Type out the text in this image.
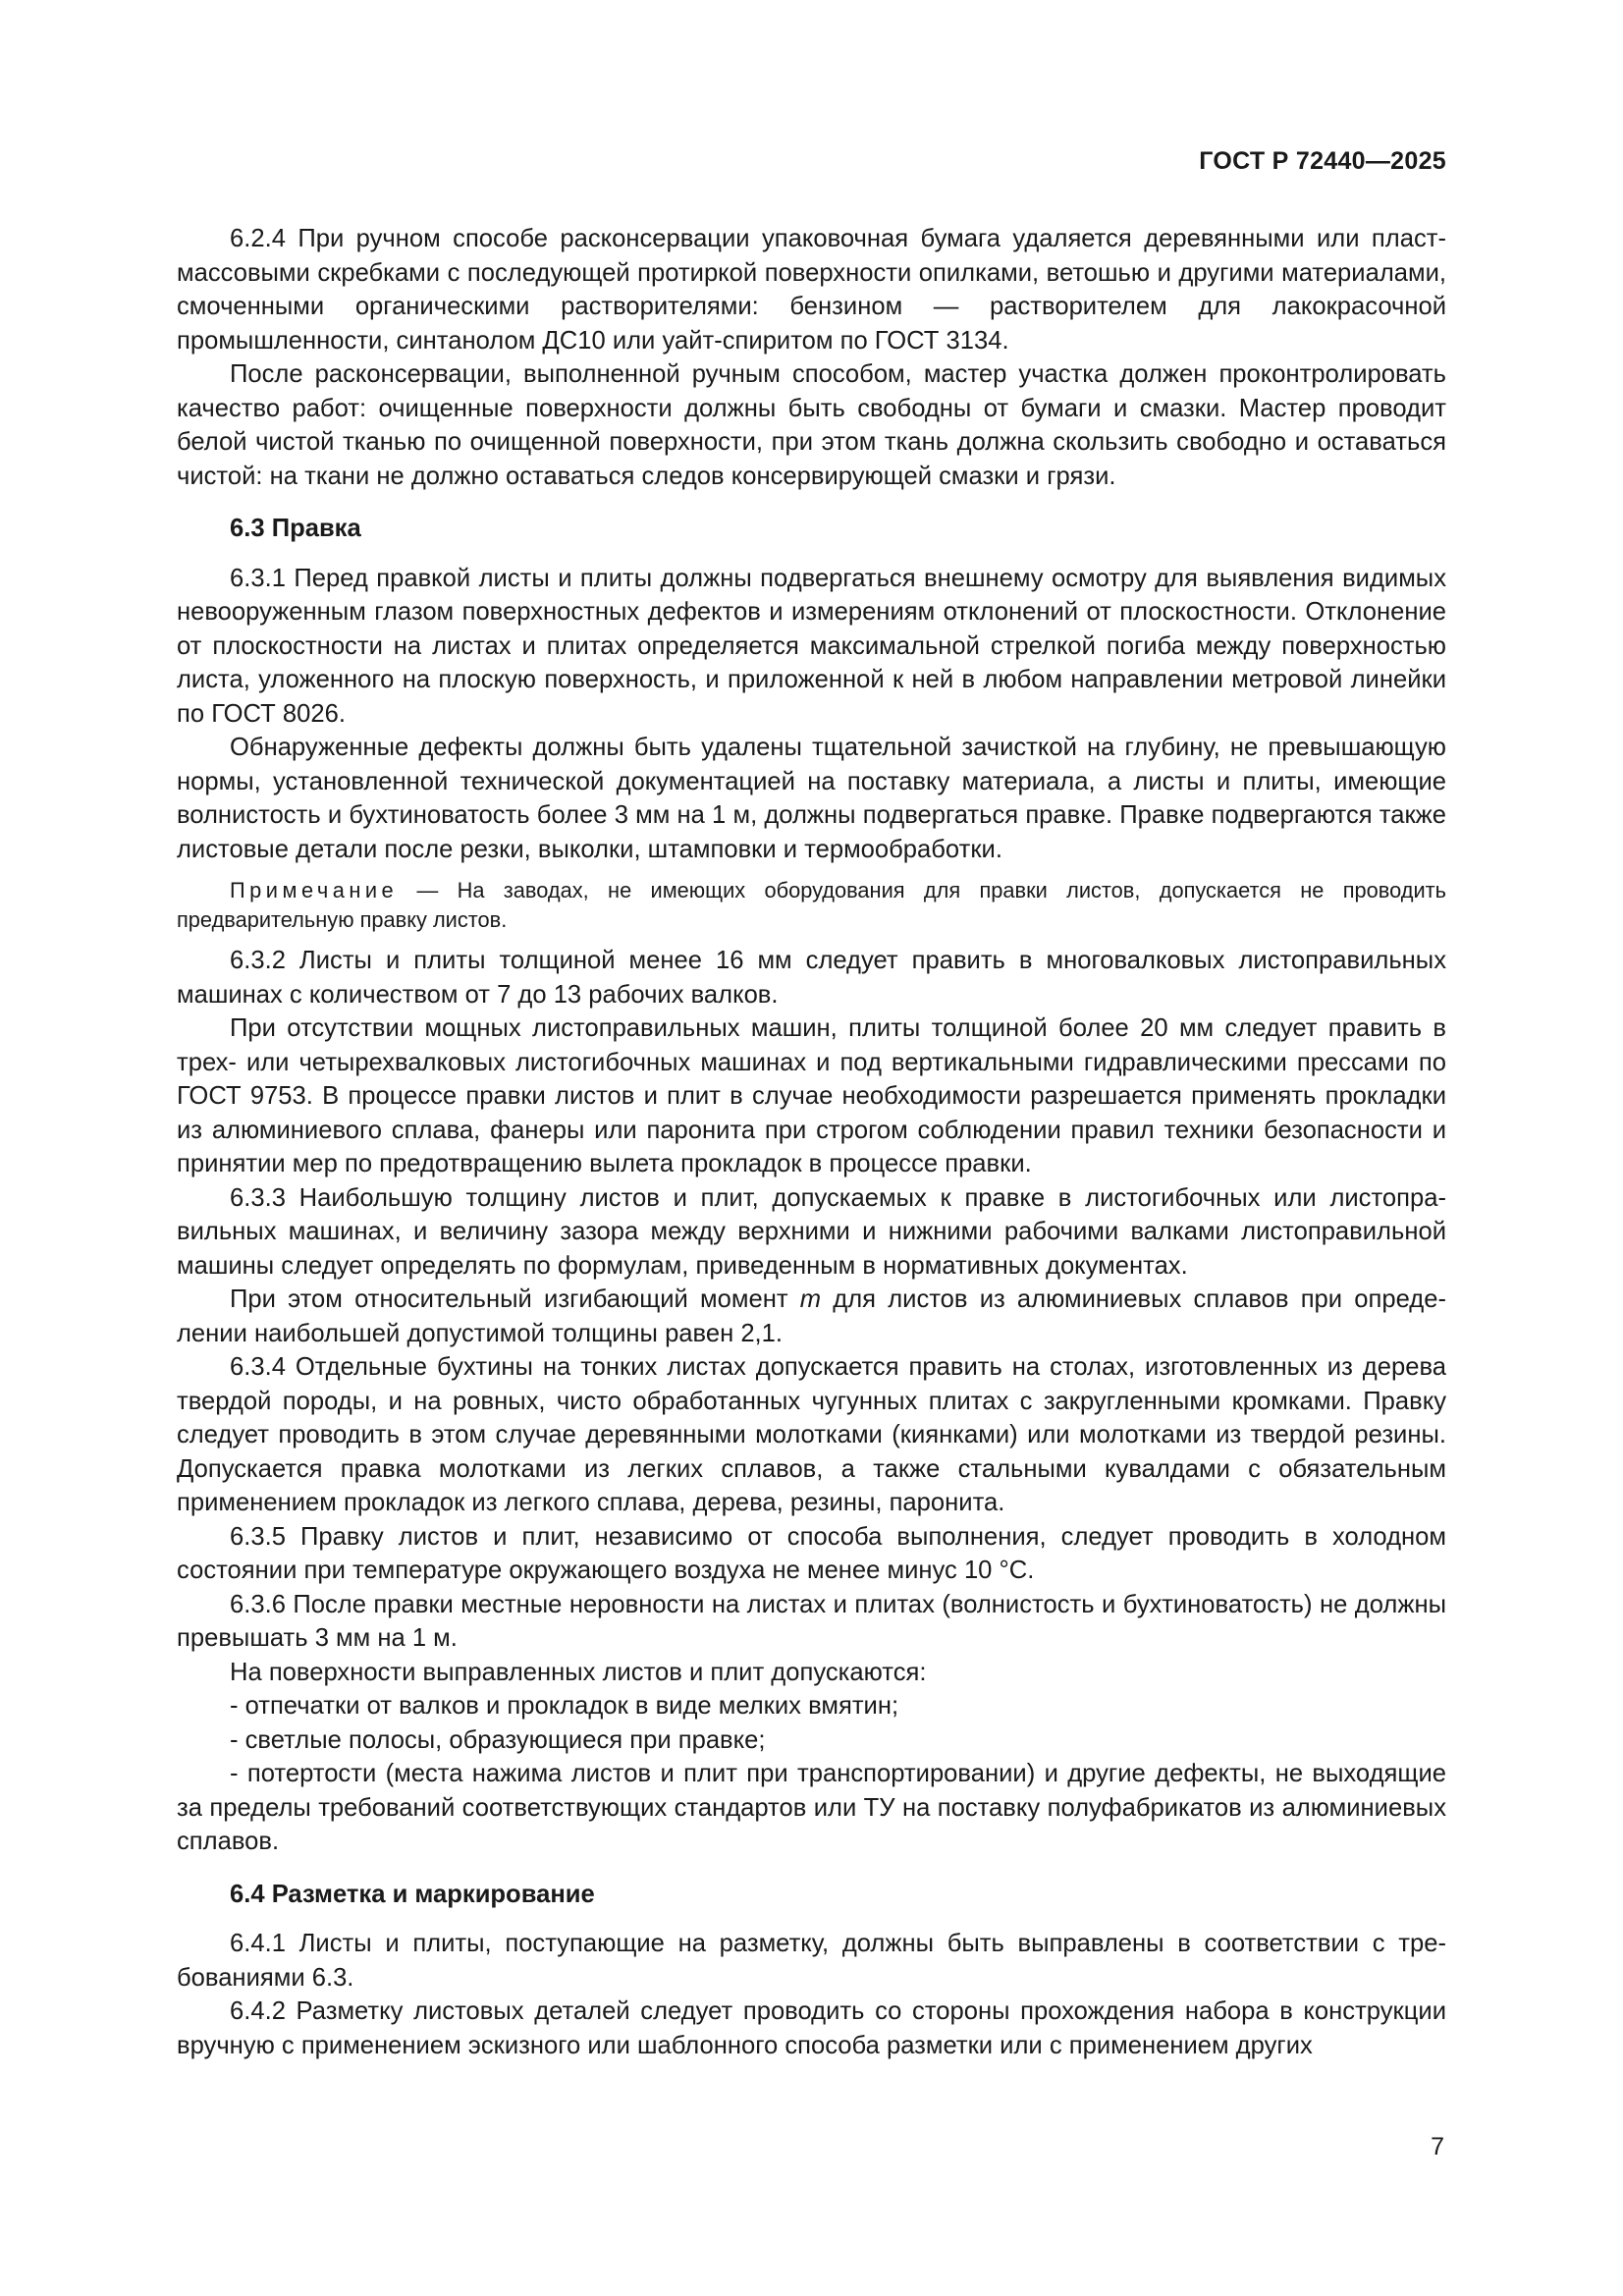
ГОСТ Р 72440—2025

6.2.4 При ручном способе расконсервации упаковочная бумага удаляется деревянными или пластмассовыми скребками с последующей протиркой поверхности опилками, ветошью и другими материалами, смоченными органическими растворителями: бензином — растворителем для лакокрасочной промышленности, синтанолом ДС10 или уайт-спиритом по ГОСТ 3134.

После расконсервации, выполненной ручным способом, мастер участка должен проконтролировать качество работ: очищенные поверхности должны быть свободны от бумаги и смазки. Мастер проводит белой чистой тканью по очищенной поверхности, при этом ткань должна скользить свободно и оставаться чистой: на ткани не должно оставаться следов консервирующей смазки и грязи.

6.3 Правка

6.3.1 Перед правкой листы и плиты должны подвергаться внешнему осмотру для выявления видимых невооруженным глазом поверхностных дефектов и измерениям отклонений от плоскостности. Отклонение от плоскостности на листах и плитах определяется максимальной стрелкой погиба между поверхностью листа, уложенного на плоскую поверхность, и приложенной к ней в любом направлении метровой линейки по ГОСТ 8026.

Обнаруженные дефекты должны быть удалены тщательной зачисткой на глубину, не превышающую нормы, установленной технической документацией на поставку материала, а листы и плиты, имеющие волнистость и бухтиноватость более 3 мм на 1 м, должны подвергаться правке. Правке подвергаются также листовые детали после резки, выколки, штамповки и термообработки.

Примечание — На заводах, не имеющих оборудования для правки листов, допускается не проводить предварительную правку листов.

6.3.2 Листы и плиты толщиной менее 16 мм следует править в многовалковых листоправильных машинах с количеством от 7 до 13 рабочих валков.

При отсутствии мощных листоправильных машин, плиты толщиной более 20 мм следует править в трех- или четырехвалковых листогибочных машинах и под вертикальными гидравлическими прессами по ГОСТ 9753. В процессе правки листов и плит в случае необходимости разрешается применять прокладки из алюминиевого сплава, фанеры или паронита при строгом соблюдении правил техники безопасности и принятии мер по предотвращению вылета прокладок в процессе правки.

6.3.3 Наибольшую толщину листов и плит, допускаемых к правке в листогибочных или листоправильных машинах, и величину зазора между верхними и нижними рабочими валками листоправильной машины следует определять по формулам, приведенным в нормативных документах.

При этом относительный изгибающий момент m для листов из алюминиевых сплавов при определении наибольшей допустимой толщины равен 2,1.

6.3.4 Отдельные бухтины на тонких листах допускается править на столах, изготовленных из дерева твердой породы, и на ровных, чисто обработанных чугунных плитах с закругленными кромками. Правку следует проводить в этом случае деревянными молотками (киянками) или молотками из твердой резины. Допускается правка молотками из легких сплавов, а также стальными кувалдами с обязательным применением прокладок из легкого сплава, дерева, резины, паронита.

6.3.5 Правку листов и плит, независимо от способа выполнения, следует проводить в холодном состоянии при температуре окружающего воздуха не менее минус 10 °С.

6.3.6 После правки местные неровности на листах и плитах (волнистость и бухтиноватость) не должны превышать 3 мм на 1 м.

На поверхности выправленных листов и плит допускаются:

- отпечатки от валков и прокладок в виде мелких вмятин;

- светлые полосы, образующиеся при правке;

- потертости (места нажима листов и плит при транспортировании) и другие дефекты, не выходящие за пределы требований соответствующих стандартов или ТУ на поставку полуфабрикатов из алюминиевых сплавов.

6.4 Разметка и маркирование

6.4.1 Листы и плиты, поступающие на разметку, должны быть выправлены в соответствии с требованиями 6.3.

6.4.2 Разметку листовых деталей следует проводить со стороны прохождения набора в конструкции вручную с применением эскизного или шаблонного способа разметки или с применением других

7
